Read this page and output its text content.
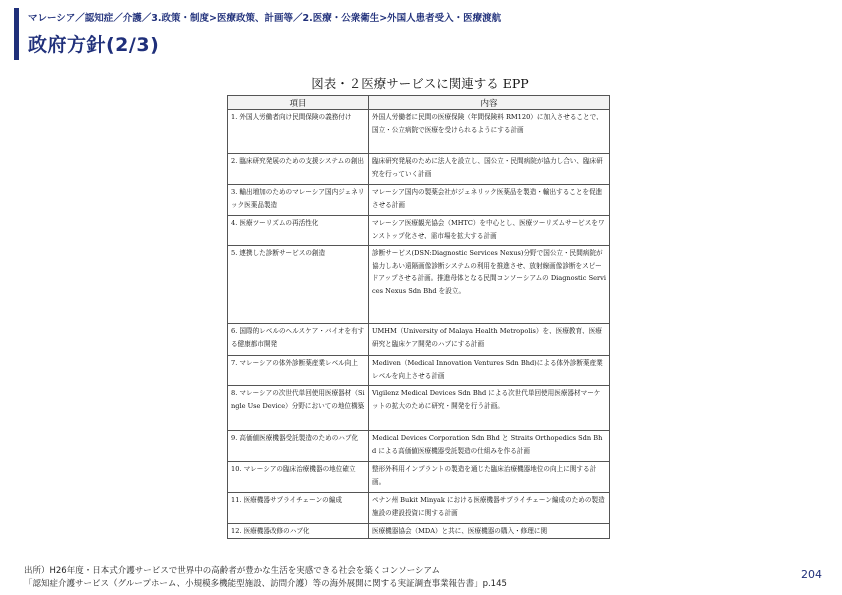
マレーシア／認知症／介護／3.政策・制度>医療政策、計画等／2.医療・公衆衛生>外国人患者受入・医療渡航
政府方針(2/3)
図表・２医療サービスに関連する EPP
項目	内容
1. 外国人労働者向け民間保険の義務付け	外国人労働者に民間の医療保険（年間保険料 RM120）に加入させることで、国立・公立病院で医療を受けられるようにする計画
2. 臨床研究発展のための支援システムの創出	臨床研究発展のために法人を設立し、国公立・民間病院が協力し合い、臨床研究を行っていく計画
3. 輸出増加のためのマレーシア国内ジェネリック医薬品製造	マレーシア国内の製薬会社がジェネリック医薬品を製造・輸出することを促進させる計画
4. 医療ツーリズムの再活性化	マレーシア医療観光協会（MHTC）を中心とし、医療ツーリズムサービスをワンストップ化させ、需市場を拡大する計画
5. 連携した診断サービスの創造	診断サービス(DSN:Diagnostic Services Nexus)分野で国公立・民間病院が協力しあい遠隔画像診断システムの利用を推進させ、放射線画像診断をスピードアップさせる計画。推進母体となる民間コンソーシアムの Diagnostic Services Nexus Sdn Bhd を設立。
6. 国際的レベルのヘルスケア・バイオを有する健康都市開発	UMHM（University of Malaya Health Metropolis）を、医療教育、医療研究と臨床ケア開発のハブにする計画
7. マレーシアの体外診断薬産業レベル向上	Mediven（Medical Innovation Ventures Sdn Bhd)による体外診断薬産業レベルを向上させる計画
8. マレーシアの次世代単回使用医療器材（Single Use Device）分野においての地位構築	Vigilenz Medical Devices Sdn Bhd による次世代単回使用医療器材マーケットの拡大のために研究・開発を行う計画。
9. 高価値医療機器受託製造のためのハブ化	Medical Devices Corporation Sdn Bhd と Straits Orthopedics Sdn Bhd による高価値医療機器受託製造の仕組みを作る計画
10. マレーシアの臨床治療機器の地位確立	整形外科用インプラントの製造を通じた臨床治療機器地位の向上に関する計画。
11. 医療機器サプライチェーンの編成	ペナン州 Bukit Minyak における医療機器サプライチェーン編成のための製造施設の建設投資に関する計画
12. 医療機器改修のハブ化	医療機器協会（MDA）と共に、医療機器の購入・修理に関
出所）H26年度・日本式介護サービスで世界中の高齢者が豊かな生活を実感できる社会を築くコンソーシアム
「認知症介護サービス（グループホーム、小規模多機能型施設、訪問介護）等の海外展開に関する実証調査事業報告書」p.145
204
